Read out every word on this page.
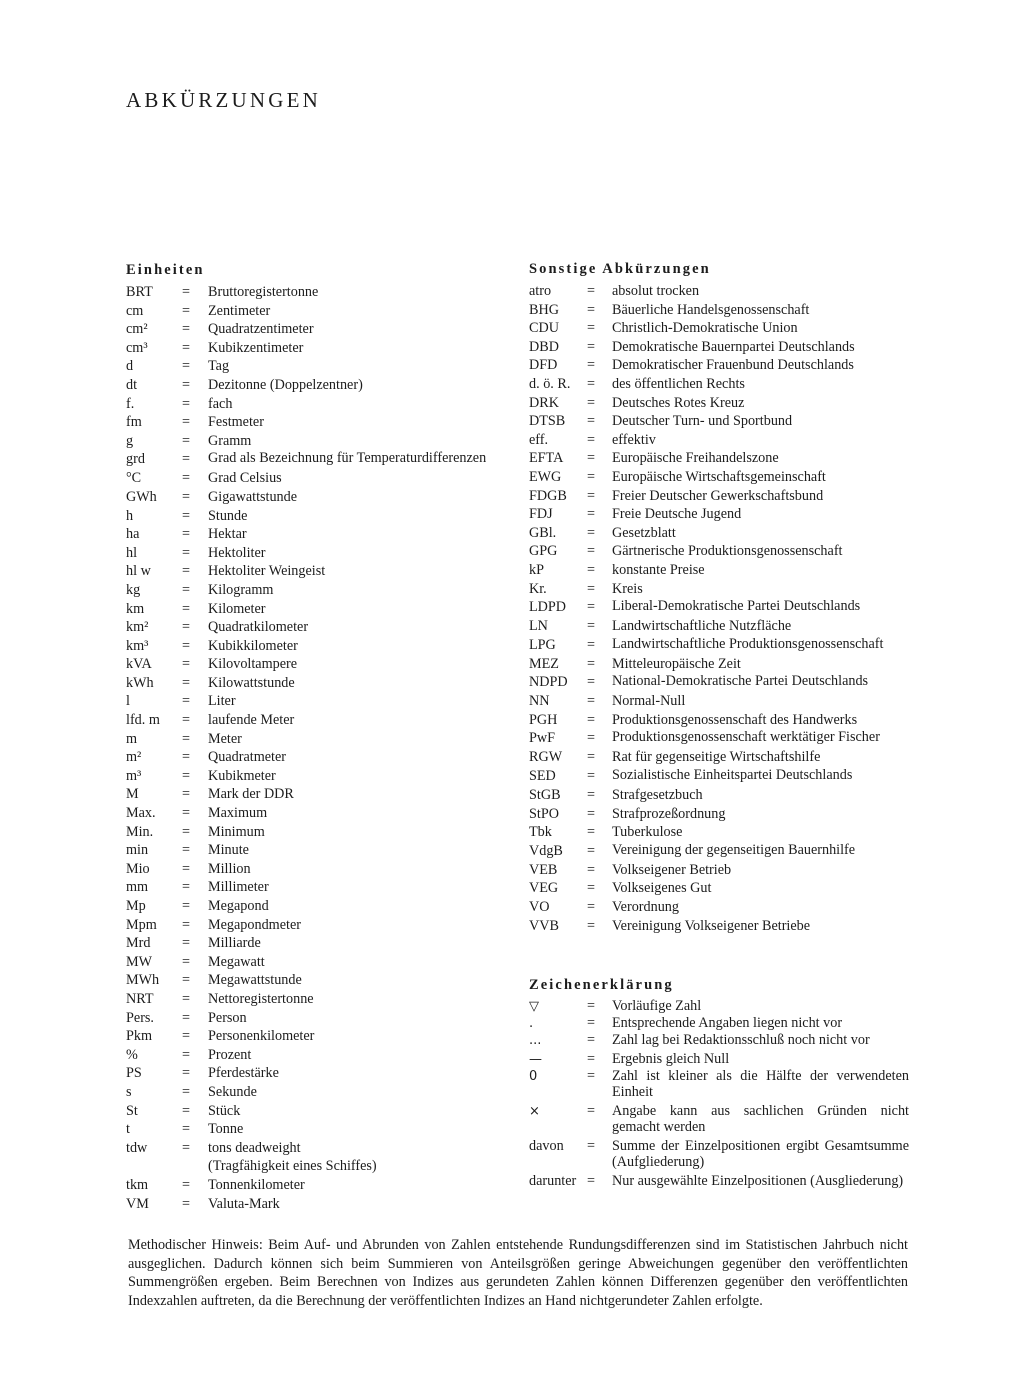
ABKÜRZUNGEN
Einheiten
BRT	=	Bruttoregistertonne
cm	=	Zentimeter
cm²	=	Quadratzentimeter
cm³	=	Kubikzentimeter
d	=	Tag
dt	=	Dezitonne (Doppelzentner)
f.	=	fach
fm	=	Festmeter
g	=	Gramm
grd	=	Grad als Bezeichnung für Temperaturdifferenzen
°C	=	Grad Celsius
GWh	=	Gigawattstunde
h	=	Stunde
ha	=	Hektar
hl	=	Hektoliter
hl w	=	Hektoliter Weingeist
kg	=	Kilogramm
km	=	Kilometer
km²	=	Quadratkilometer
km³	=	Kubikkilometer
kVA	=	Kilovoltampere
kWh	=	Kilowattstunde
l	=	Liter
lfd. m	=	laufende Meter
m	=	Meter
m²	=	Quadratmeter
m³	=	Kubikmeter
M	=	Mark der DDR
Max.	=	Maximum
Min.	=	Minimum
min	=	Minute
Mio	=	Million
mm	=	Millimeter
Mp	=	Megapond
Mpm	=	Megapondmeter
Mrd	=	Milliarde
MW	=	Megawatt
MWh	=	Megawattstunde
NRT	=	Nettoregistertonne
Pers.	=	Person
Pkm	=	Personenkilometer
%	=	Prozent
PS	=	Pferdestärke
s	=	Sekunde
St	=	Stück
t	=	Tonne
tdw	=	tons deadweight
(Tragfähigkeit eines Schiffes)
tkm	=	Tonnenkilometer
VM	=	Valuta-Mark
Sonstige Abkürzungen
atro	=	absolut trocken
BHG	=	Bäuerliche Handelsgenossenschaft
CDU	=	Christlich-Demokratische Union
DBD	=	Demokratische Bauernpartei Deutschlands
DFD	=	Demokratischer Frauenbund Deutschlands
d. ö. R.	=	des öffentlichen Rechts
DRK	=	Deutsches Rotes Kreuz
DTSB	=	Deutscher Turn- und Sportbund
eff.	=	effektiv
EFTA	=	Europäische Freihandelszone
EWG	=	Europäische Wirtschaftsgemeinschaft
FDGB	=	Freier Deutscher Gewerkschaftsbund
FDJ	=	Freie Deutsche Jugend
GBl.	=	Gesetzblatt
GPG	=	Gärtnerische Produktionsgenossenschaft
kP	=	konstante Preise
Kr.	=	Kreis
LDPD	=	Liberal-Demokratische Partei Deutschlands
LN	=	Landwirtschaftliche Nutzfläche
LPG	=	Landwirtschaftliche Produktionsgenossenschaft
MEZ	=	Mitteleuropäische Zeit
NDPD	=	National-Demokratische Partei Deutschlands
NN	=	Normal-Null
PGH	=	Produktionsgenossenschaft des Handwerks
PwF	=	Produktionsgenossenschaft werktätiger Fischer
RGW	=	Rat für gegenseitige Wirtschaftshilfe
SED	=	Sozialistische Einheitspartei Deutschlands
StGB	=	Strafgesetzbuch
StPO	=	Strafprozeßordnung
Tbk	=	Tuberkulose
VdgB	=	Vereinigung der gegenseitigen Bauernhilfe
VEB	=	Volkseigener Betrieb
VEG	=	Volkseigenes Gut
VO	=	Verordnung
VVB	=	Vereinigung Volkseigener Betriebe
Zeichenerklärung
▽	=	Vorläufige Zahl
.	=	Entsprechende Angaben liegen nicht vor
...	=	Zahl lag bei Redaktionsschluß noch nicht vor
—	=	Ergebnis gleich Null
0	=	Zahl ist kleiner als die Hälfte der verwendeten Einheit
×	=	Angabe kann aus sachlichen Gründen nicht gemacht werden
davon	=	Summe der Einzelpositionen ergibt Gesamtsumme (Aufgliederung)
darunter =	Nur ausgewählte Einzelpositionen (Ausgliederung)

Methodischer Hinweis: Beim Auf- und Abrunden von Zahlen entstehende Rundungsdifferenzen sind im Statistischen Jahrbuch nicht ausgeglichen. Dadurch können sich beim Summieren von Anteilsgrößen geringe Abweichungen gegenüber den veröffentlichten Summengrößen ergeben. Beim Berechnen von Indizes aus gerundeten Zahlen können Differenzen gegenüber den veröffentlichten Indexzahlen auftreten, da die Berechnung der veröffentlichten Indizes an Hand nichtgerundeter Zahlen erfolgte.
